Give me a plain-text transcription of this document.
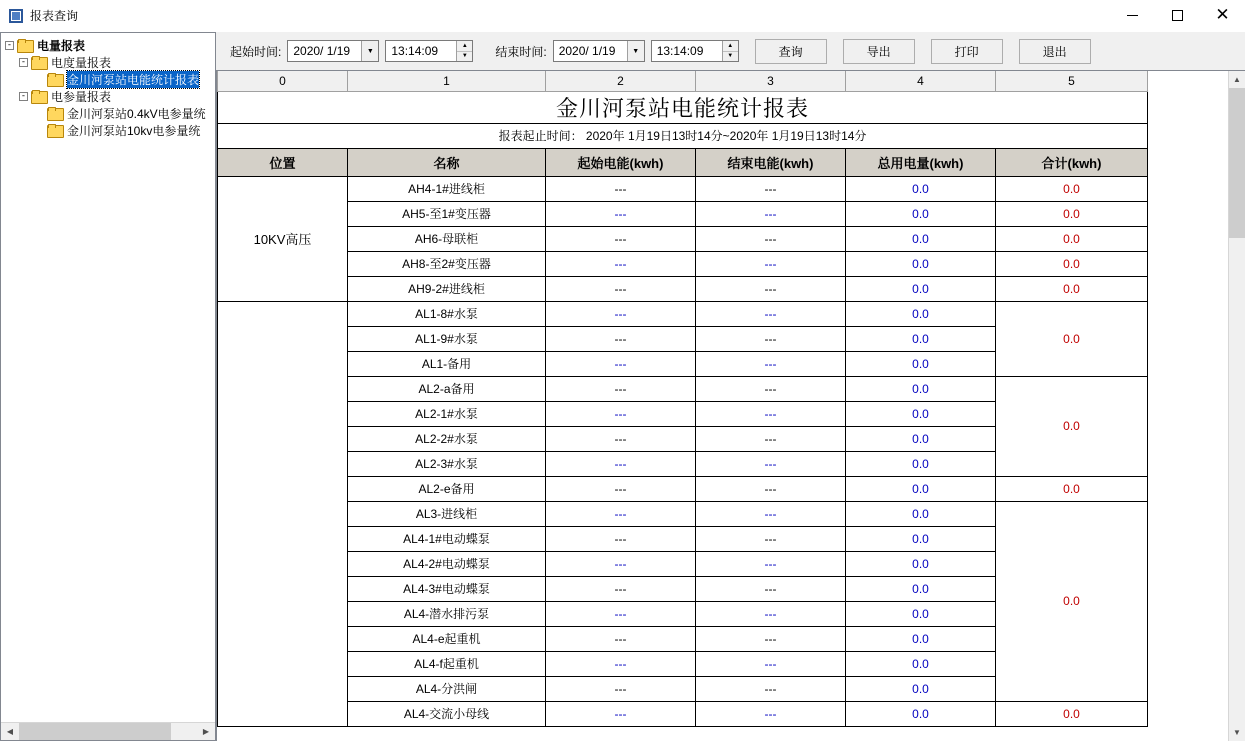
报表查询	✕
- 电量报表
- 电度量报表
金川河泵站电能统计报表
- 电参量报表
金川河泵站0.4kV电参量统
金川河泵站10kv电参量统
◀	▶
起始时间: 2020/ 1/19	▼	13:14:09	▲
▼	结束时间: 2020/ 1/19	▼	13:14:09	▲
▼	查询	导出	打印	退出
0	1	2	3	4	5
金川河泵站电能统计报表					
报表起止时间： 2020年 1月19日13时14分~2020年 1月19日13时14分					
位置	名称	起始电能(kwh)	结束电能(kwh)	总用电量(kwh)	合计(kwh)
10KV高压	AH4-1#进线柜	---	---	0.0	0.0
	AH5-至1#变压器	---	---	0.0	0.0
	AH6-母联柜	---	---	0.0	0.0
	AH8-至2#变压器	---	---	0.0	0.0
	AH9-2#进线柜	---	---	0.0	0.0
	AL1-8#水泵	---	---	0.0	0.0
	AL1-9#水泵	---	---	0.0	
	AL1-备用	---	---	0.0	
	AL2-a备用	---	---	0.0	0.0
	AL2-1#水泵	---	---	0.0	
	AL2-2#水泵	---	---	0.0	
	AL2-3#水泵	---	---	0.0	
	AL2-e备用	---	---	0.0	0.0
	AL3-进线柜	---	---	0.0	0.0
	AL4-1#电动蝶泵	---	---	0.0	
	AL4-2#电动蝶泵	---	---	0.0	
	AL4-3#电动蝶泵	---	---	0.0	
	AL4-潜水排污泵	---	---	0.0	
	AL4-e起重机	---	---	0.0	
	AL4-f起重机	---	---	0.0	
	AL4-分洪闸	---	---	0.0	
	AL4-交流小母线	---	---	0.0	0.0
▲
▼
